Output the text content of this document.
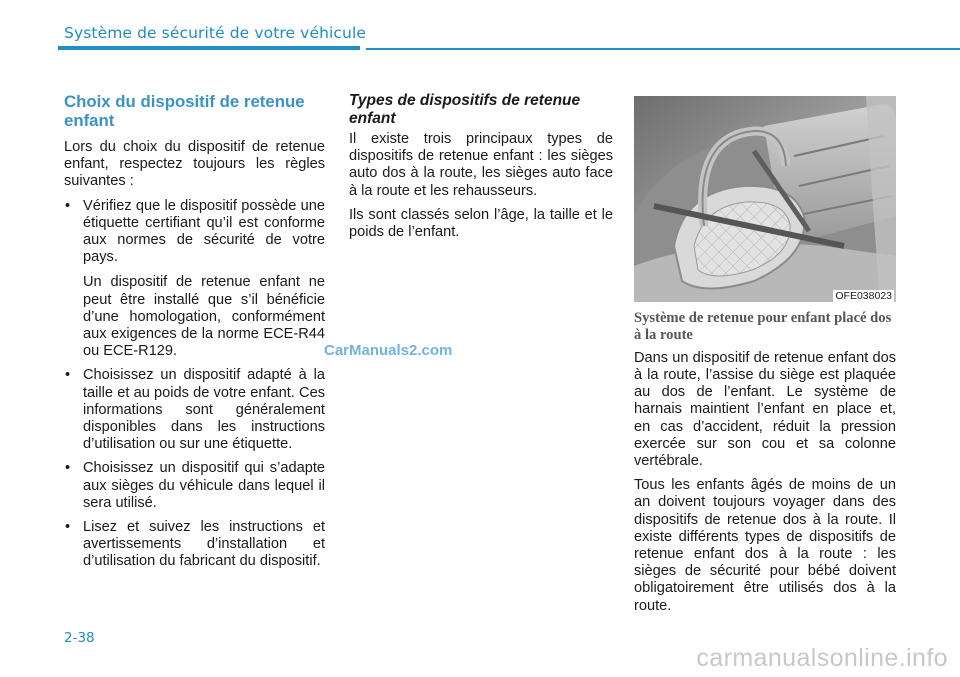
Système de sécurité de votre véhicule
Choix du dispositif de retenue enfant

Lors du choix du dispositif de retenue enfant, respectez toujours les règles suivantes :

• Vérifiez que le dispositif possède une étiquette certifiant qu’il est conforme aux normes de sécurité de votre pays.

Un dispositif de retenue enfant ne peut être installé que s’il bénéficie d’une homologation, conformément aux exigences de la norme ECE-R44 ou ECE-R129.

• Choisissez un dispositif adapté à la taille et au poids de votre enfant. Ces informations sont généralement disponibles dans les instructions d’utilisation ou sur une étiquette.
• Choisissez un dispositif qui s’adapte aux sièges du véhicule dans lequel il sera utilisé.
• Lisez et suivez les instructions et avertissements d’installation et d’utilisation du fabricant du dispositif.
Types de dispositifs de retenue enfant

Il existe trois principaux types de dispositifs de retenue enfant : les sièges auto dos à la route, les sièges auto face à la route et les rehausseurs.

Ils sont classés selon l’âge, la taille et le poids de l’enfant.

OFE038023
Système de retenue pour enfant placé dos à la route

Dans un dispositif de retenue enfant dos à la route, l’assise du siège est plaquée au dos de l’enfant. Le système de harnais maintient l’enfant en place et, en cas d’accident, réduit la pression exercée sur son cou et sa colonne vertébrale.

Tous les enfants âgés de moins de un an doivent toujours voyager dans des dispositifs de retenue dos à la route. Il existe différents types de dispositifs de retenue enfant dos à la route : les sièges de sécurité pour bébé doivent obligatoirement être utilisés dos à la route.

CarManuals2.com
2-38
carmanualsonline.info
